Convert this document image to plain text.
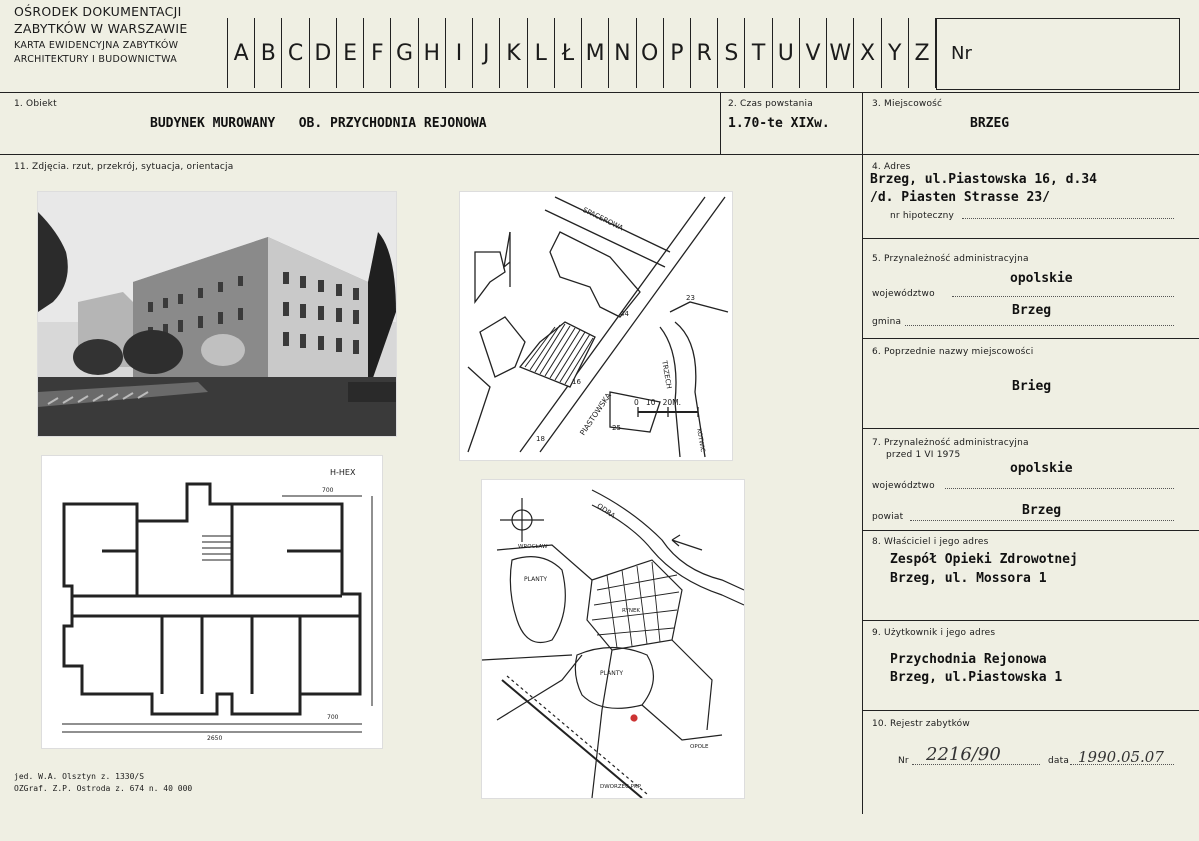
OŚRODEK DOKUMENTACJI
ZABYTKÓW W WARSZAWIE
KARTA EWIDENCYJNA ZABYTKÓW
ARCHITEKTURY I BUDOWNICTWA	A B C D E F G H I J K L Ł M N O P R S T U V W X Y Z	Nr
1. Obiekt
BUDYNEK MUROWANY   OB. PRZYCHODNIA REJONOWA
2. Czas powstania
1.70-te XIXw.
3. Miejscowość
BRZEG
11. Zdjęcia. rzut, przekrój, sytuacja, orientacja
SPACEROWA
PIASTOWSKA
TRZECH
KOTWIC
44
23
16
25
18
0   10   20M.
H-HEX
700
2650
700
ODRA
PLANTY
PLANTY
RYNEK
WROCŁAW
OPOLE
DWORZEC PKP
4. Adres
Brzeg, ul.Piastowska 16, d.34
/d. Piasten Strasse 23/
nr hipoteczny
5. Przynależność administracyjna
opolskie
województwo
Brzeg
gmina
6. Poprzednie nazwy miejscowości
Brieg
7. Przynależność administracyjna
przed 1 VI 1975
opolskie
województwo
Brzeg
powiat
8. Właściciel i jego adres
Zespół Opieki Zdrowotnej
Brzeg, ul. Mossora 1
9. Użytkownik i jego adres
Przychodnia Rejonowa
Brzeg, ul.Piastowska 1
10. Rejestr zabytków
Nr 2216/90	data 1990.05.07
jed. W.A. Olsztyn z. 1330/S
OZGraf. Z.P. Ostroda z. 674 n. 40 000
